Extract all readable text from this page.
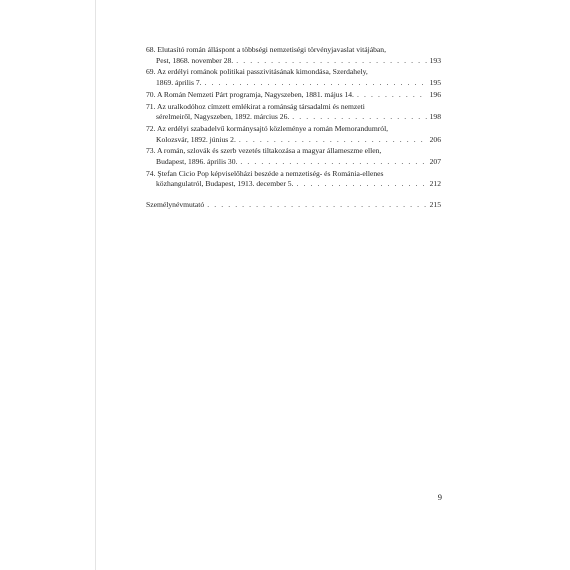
68. Elutasító román álláspont a többségi nemzetiségi törvényjavaslat vitájában,
Pest, 1868. november 28. . . .	193
69. Az erdélyi románok politikai passzivitásának kimondása, Szerdahely,
1869. április 7. . . .	195
70. A Román Nemzeti Párt programja, Nagyszeben, 1881. május 14. . . .	196
71. Az uralkodóhoz címzett emlékirat a románság társadalmi és nemzeti
sérelmeiről, Nagyszeben, 1892. március 26. . . .	198
72. Az erdélyi szabadelvű kormánysajtó közleménye a román Memorandumról,
Kolozsvár, 1892. június 2. . . .	206
73. A román, szlovák és szerb vezetés tiltakozása a magyar állameszme ellen,
Budapest, 1896. április 30. . . .	207
74. Ştefan Cicio Pop képviselőházi beszéde a nemzetiség- és Románia-ellenes
közhangulatról, Budapest, 1913. december 5. . . .	212
Személynévmutató . . .	215
9
